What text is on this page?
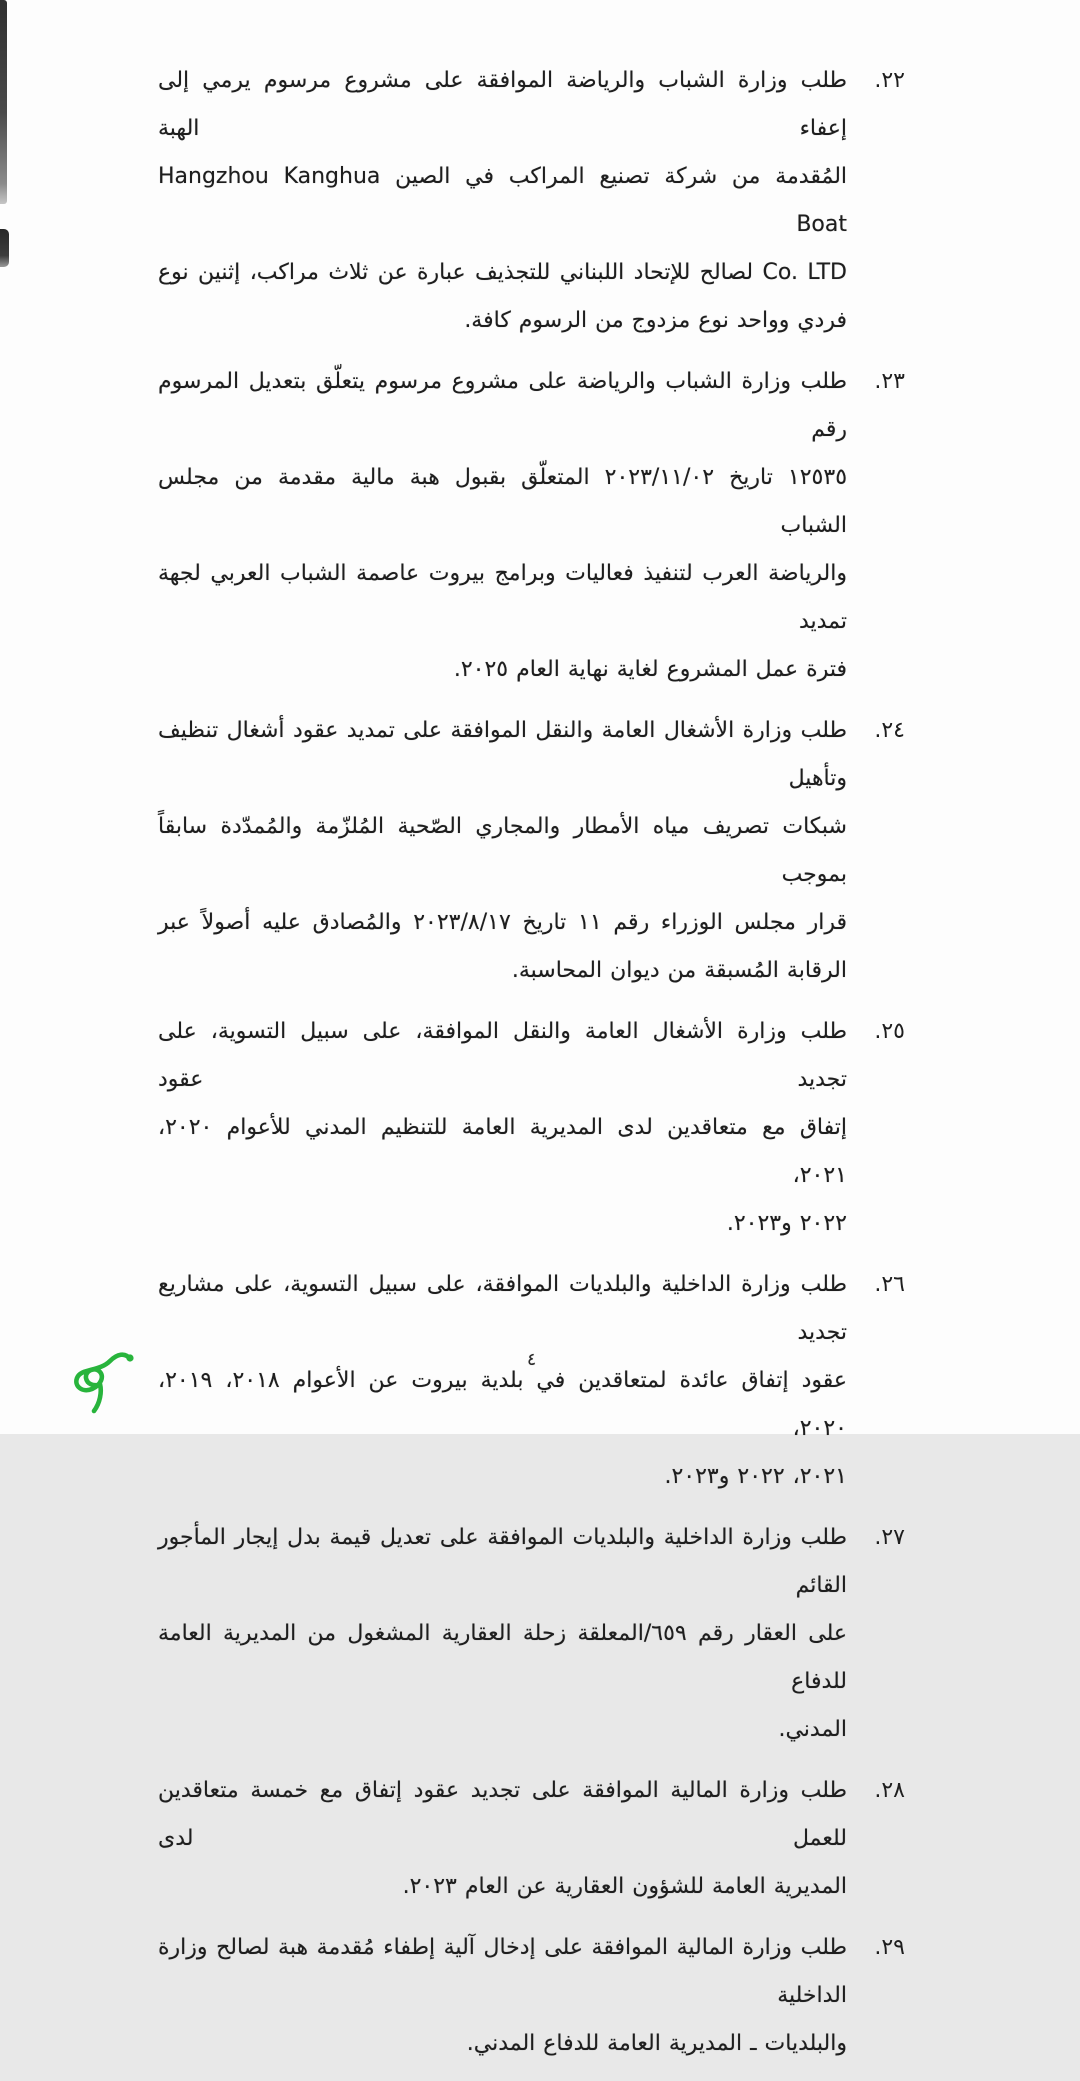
٢٢.
طلب وزارة الشباب والرياضة الموافقة على مشروع مرسوم يرمي إلى إعفاء الهبة
المُقدمة من شركة تصنيع المراكب في الصين Hangzhou Kanghua Boat
Co. LTD لصالح للإتحاد اللبناني للتجذيف عبارة عن ثلاث مراكب، إثنين نوع
فردي وواحد نوع مزدوج من الرسوم كافة.
٢٣.
طلب وزارة الشباب والرياضة على مشروع مرسوم يتعلّق بتعديل المرسوم رقم
١٢٥٣٥ تاريخ ٢٠٢٣/١١/٠٢ المتعلّق بقبول هبة مالية مقدمة من مجلس الشباب
والرياضة العرب لتنفيذ فعاليات وبرامج بيروت عاصمة الشباب العربي لجهة تمديد
فترة عمل المشروع لغاية نهاية العام ٢٠٢٥.
٢٤.
طلب وزارة الأشغال العامة والنقل الموافقة على تمديد عقود أشغال تنظيف وتأهيل
شبكات تصريف مياه الأمطار والمجاري الصّحية المُلزّمة والمُمدّدة سابقاً بموجب
قرار مجلس الوزراء رقم ١١ تاريخ ٢٠٢٣/٨/١٧ والمُصادق عليه أصولاً عبر
الرقابة المُسبقة من ديوان المحاسبة.
٢٥.
طلب وزارة الأشغال العامة والنقل الموافقة، على سبيل التسوية، على تجديد عقود
إتفاق مع متعاقدين لدى المديرية العامة للتنظيم المدني للأعوام ٢٠٢٠، ٢٠٢١،
٢٠٢٢ و٢٠٢٣.
٢٦.
طلب وزارة الداخلية والبلديات الموافقة، على سبيل التسوية، على مشاريع تجديد
عقود إتفاق عائدة لمتعاقدين في بلدية بيروت عن الأعوام ٢٠١٨، ٢٠١٩، ٢٠٢٠،
٢٠٢١، ٢٠٢٢ و٢٠٢٣.
٢٧.
طلب وزارة الداخلية والبلديات الموافقة على تعديل قيمة بدل إيجار المأجور القائم
على العقار رقم ٦٥٩/المعلقة زحلة العقارية المشغول من المديرية العامة للدفاع
المدني.
٢٨.
طلب وزارة المالية الموافقة على تجديد عقود إتفاق مع خمسة متعاقدين للعمل لدى
المديرية العامة للشؤون العقارية عن العام ٢٠٢٣.
٢٩.
طلب وزارة المالية الموافقة على إدخال آلية إطفاء مُقدمة هبة لصالح وزارة الداخلية
والبلديات ـ المديرية العامة للدفاع المدني.
٤
